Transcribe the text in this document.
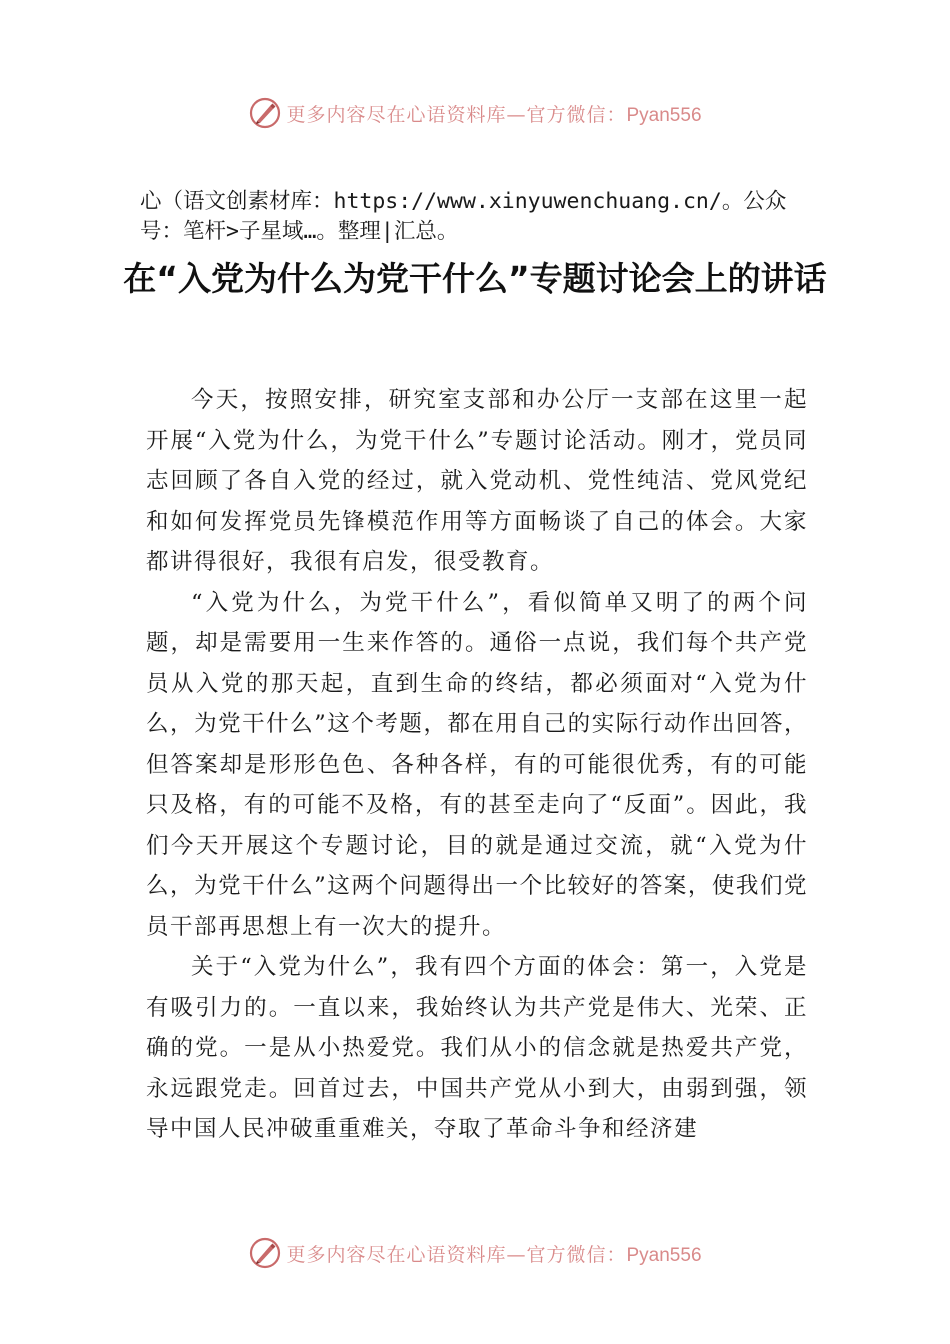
更多内容尽在心语资料库—官方微信：Pyan556

心（语文创素材库：https://www.xinyuwenchuang.cn/。公众号：笔杆>子星域…。整理|汇总。

在“入党为什么为党干什么”专题讨论会上的讲话

今天，按照安排，研究室支部和办公厅一支部在这里一起开展“入党为什么，为党干什么”专题讨论活动。刚才，党员同志回顾了各自入党的经过，就入党动机、党性纯洁、党风党纪和如何发挥党员先锋模范作用等方面畅谈了自己的体会。大家都讲得很好，我很有启发，很受教育。

“入党为什么，为党干什么”，看似简单又明了的两个问题，却是需要用一生来作答的。通俗一点说，我们每个共产党员从入党的那天起，直到生命的终结，都必须面对“入党为什么，为党干什么”这个考题，都在用自己的实际行动作出回答，但答案却是形形色色、各种各样，有的可能很优秀，有的可能只及格，有的可能不及格，有的甚至走向了“反面”。因此，我们今天开展这个专题讨论，目的就是通过交流，就“入党为什么，为党干什么”这两个问题得出一个比较好的答案，使我们党员干部再思想上有一次大的提升。

关于“入党为什么”，我有四个方面的体会：第一，入党是有吸引力的。一直以来，我始终认为共产党是伟大、光荣、正确的党。一是从小热爱党。我们从小的信念就是热爱共产党，永远跟党走。回首过去，中国共产党从小到大，由弱到强，领导中国人民冲破重重难关，夺取了革命斗争和经济建

更多内容尽在心语资料库—官方微信：Pyan556
